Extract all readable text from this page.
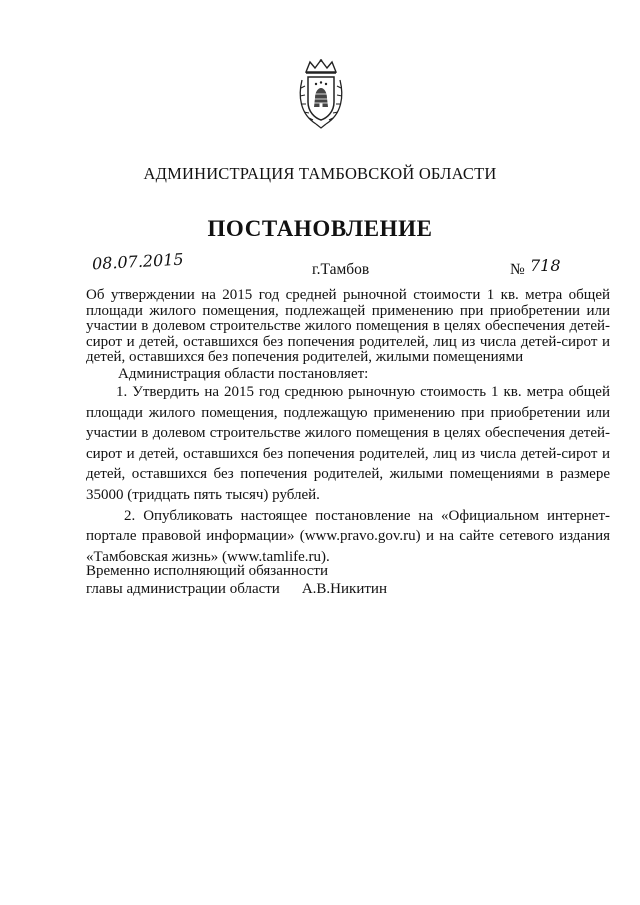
АДМИНИСТРАЦИЯ ТАМБОВСКОЙ ОБЛАСТИ
ПОСТАНОВЛЕНИЕ
08.07.2015	г.Тамбов	№ 718
Об утверждении на 2015 год средней рыночной стоимости 1 кв. метра общей площади жилого помещения, подлежащей применению при приобретении или участии в долевом строительстве жилого помещения в целях обеспечения детей-сирот и детей, оставшихся без попечения родителей, лиц из числа детей-сирот и детей, оставшихся без попечения родителей, жилыми помещениями
Администрация области постановляет:

1. Утвердить на 2015 год среднюю рыночную стоимость 1 кв. метра общей площади жилого помещения, подлежащую применению при приобретении или участии в долевом строительстве жилого помещения в целях обеспечения детей-сирот и детей, оставшихся без попечения родителей, лиц из числа детей-сирот и детей, оставшихся без попечения родителей, жилыми помещениями в размере 35000 (тридцать пять тысяч) рублей.

2. Опубликовать настоящее постановление на «Официальном интернет-портале правовой информации» (www.pravo.gov.ru) и на сайте сетевого издания «Тамбовская жизнь» (www.tamlife.ru).

Временно исполняющий обязанности
главы администрации области А.В.Никитин
